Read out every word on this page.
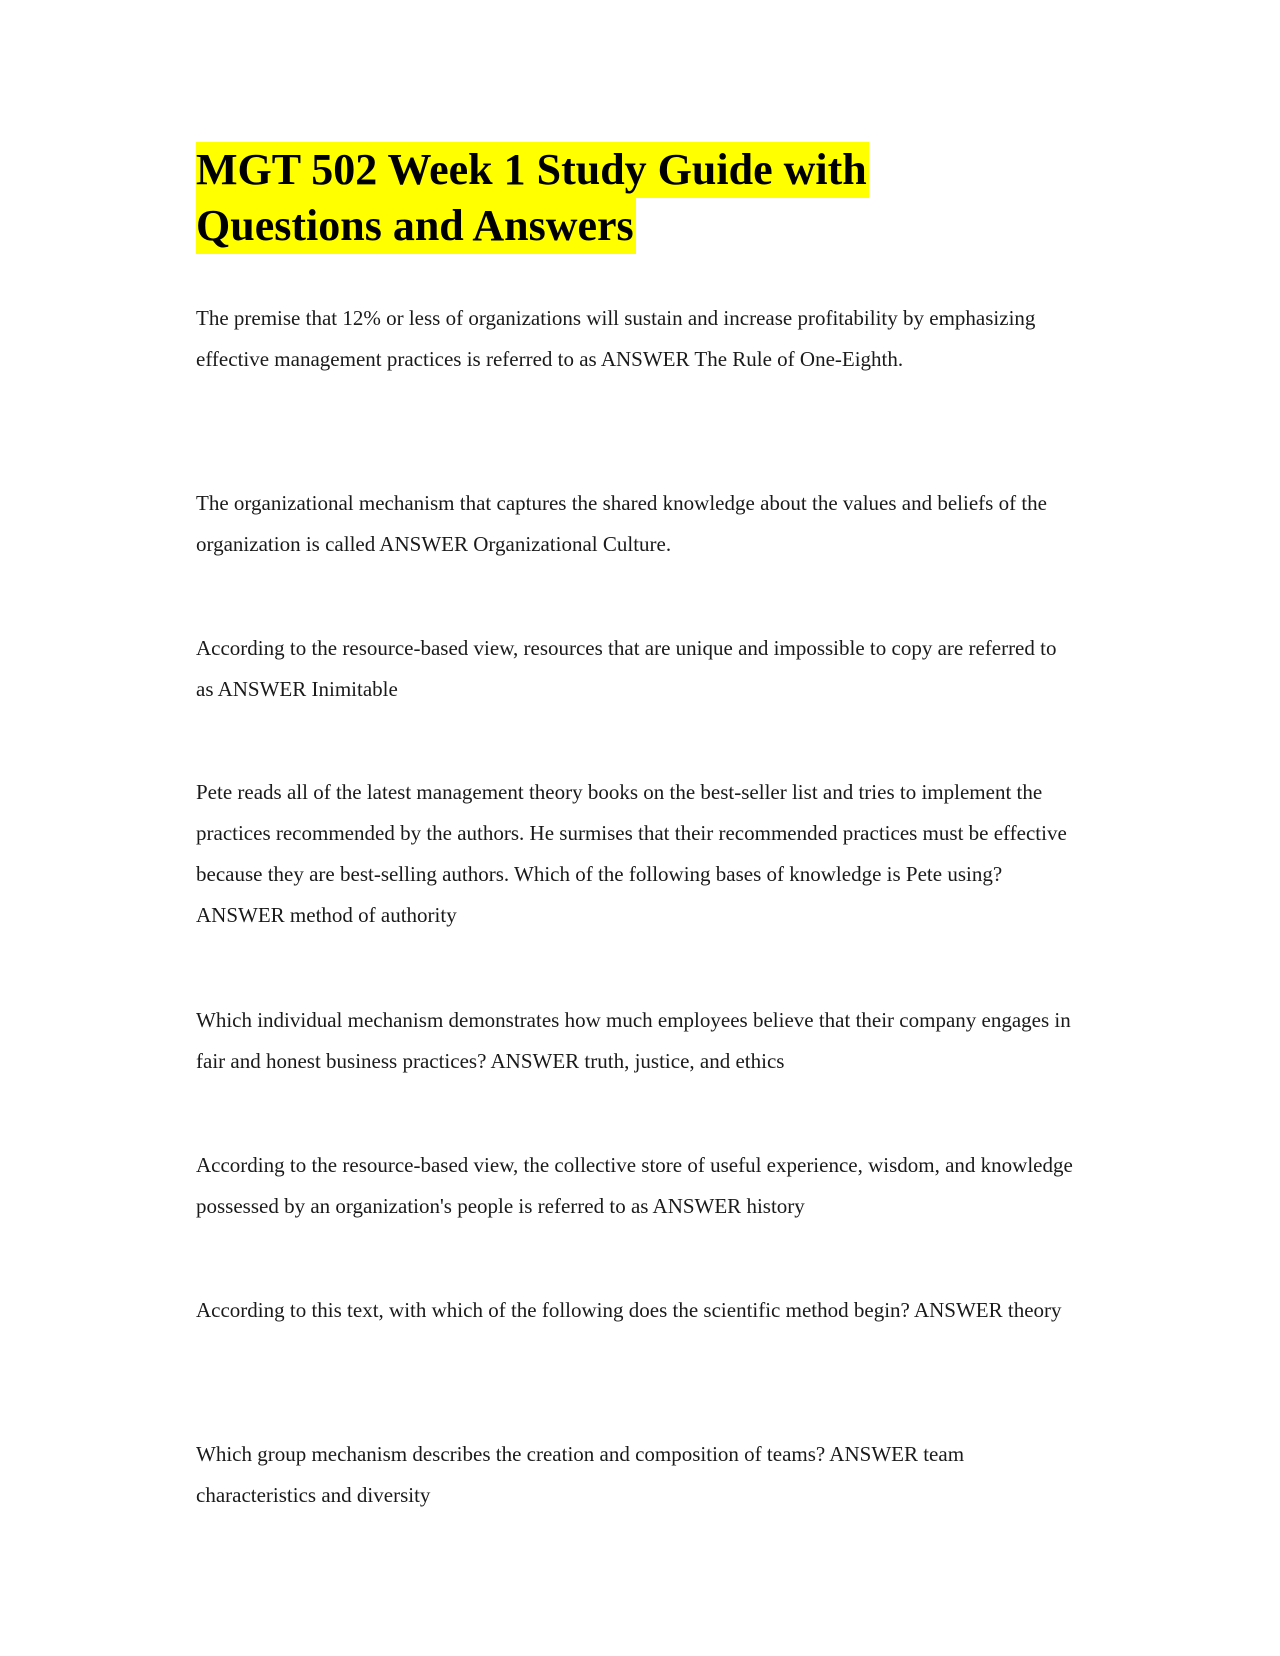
MGT 502 Week 1 Study Guide with
Questions and Answers

The premise that 12% or less of organizations will sustain and increase profitability by emphasizing effective management practices is referred to as ANSWER The Rule of One-Eighth.

The organizational mechanism that captures the shared knowledge about the values and beliefs of the organization is called ANSWER Organizational Culture.

According to the resource-based view, resources that are unique and impossible to copy are referred to as ANSWER Inimitable

Pete reads all of the latest management theory books on the best-seller list and tries to implement the practices recommended by the authors. He surmises that their recommended practices must be effective because they are best-selling authors. Which of the following bases of knowledge is Pete using? ANSWER method of authority

Which individual mechanism demonstrates how much employees believe that their company engages in fair and honest business practices? ANSWER truth, justice, and ethics

According to the resource-based view, the collective store of useful experience, wisdom, and knowledge possessed by an organization's people is referred to as ANSWER history

According to this text, with which of the following does the scientific method begin? ANSWER theory

Which group mechanism describes the creation and composition of teams? ANSWER team characteristics and diversity
